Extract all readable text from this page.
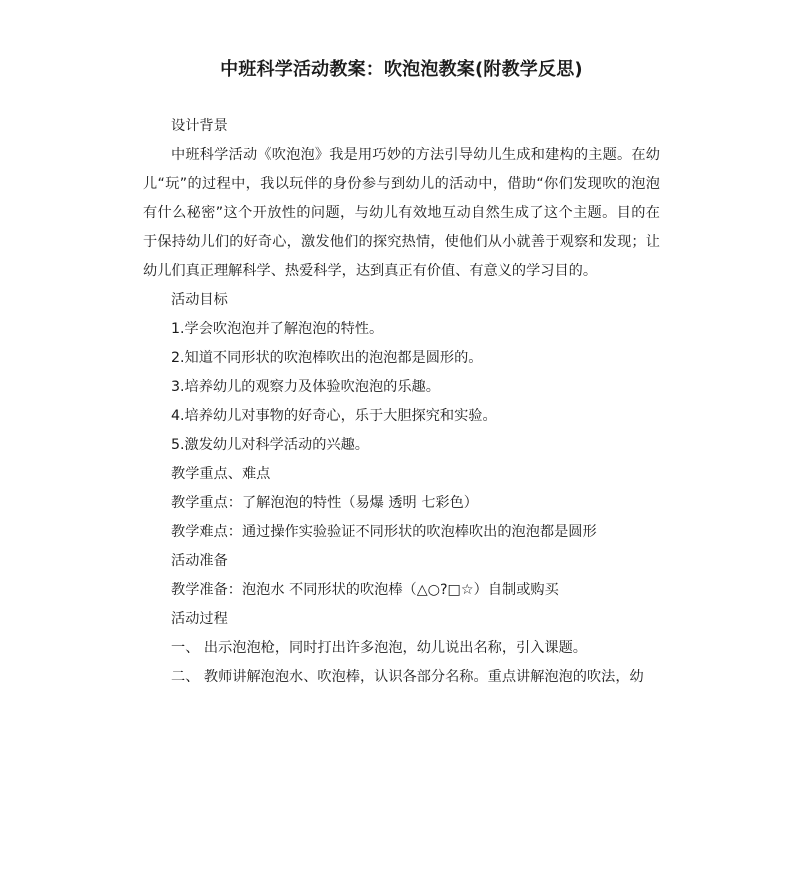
中班科学活动教案：吹泡泡教案(附教学反思)

设计背景

中班科学活动《吹泡泡》我是用巧妙的方法引导幼儿生成和建构的主题。在幼儿“玩”的过程中，我以玩伴的身份参与到幼儿的活动中，借助“你们发现吹的泡泡有什么秘密”这个开放性的问题，与幼儿有效地互动自然生成了这个主题。目的在于保持幼儿们的好奇心，激发他们的探究热情，使他们从小就善于观察和发现；让幼儿们真正理解科学、热爱科学，达到真正有价值、有意义的学习目的。

活动目标

1.学会吹泡泡并了解泡泡的特性。

2.知道不同形状的吹泡棒吹出的泡泡都是圆形的。

3.培养幼儿的观察力及体验吹泡泡的乐趣。

4.培养幼儿对事物的好奇心，乐于大胆探究和实验。

5.激发幼儿对科学活动的兴趣。

教学重点、难点

教学重点：了解泡泡的特性（易爆 透明 七彩色）

教学难点：通过操作实验验证不同形状的吹泡棒吹出的泡泡都是圆形

活动准备

教学准备：泡泡水 不同形状的吹泡棒（△○?□☆）自制或购买

活动过程

一、 出示泡泡枪，同时打出许多泡泡，幼儿说出名称，引入课题。

二、 教师讲解泡泡水、吹泡棒，认识各部分名称。重点讲解泡泡的吹法，幼
